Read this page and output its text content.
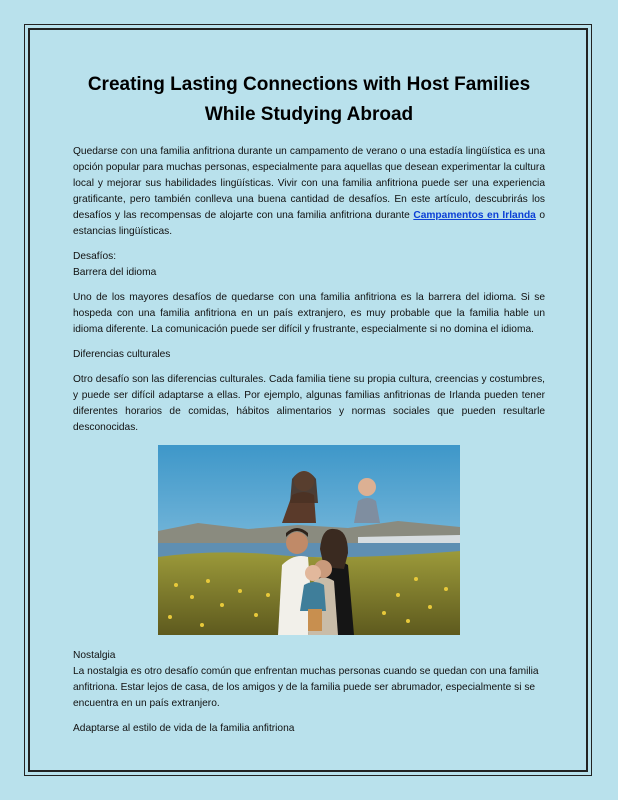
Creating Lasting Connections with Host Families While Studying Abroad

Quedarse con una familia anfitriona durante un campamento de verano o una estadía lingüística es una opción popular para muchas personas, especialmente para aquellas que desean experimentar la cultura local y mejorar sus habilidades lingüísticas. Vivir con una familia anfitriona puede ser una experiencia gratificante, pero también conlleva una buena cantidad de desafíos. En este artículo, descubrirás los desafíos y las recompensas de alojarte con una familia anfitriona durante Campamentos en Irlanda o estancias lingüísticas.

Desafíos:
Barrera del idioma

Uno de los mayores desafíos de quedarse con una familia anfitriona es la barrera del idioma. Si se hospeda con una familia anfitriona en un país extranjero, es muy probable que la familia hable un idioma diferente. La comunicación puede ser difícil y frustrante, especialmente si no domina el idioma.

Diferencias culturales

Otro desafío son las diferencias culturales. Cada familia tiene su propia cultura, creencias y costumbres, y puede ser difícil adaptarse a ellas. Por ejemplo, algunas familias anfitrionas de Irlanda pueden tener diferentes horarios de comidas, hábitos alimentarios y normas sociales que pueden resultarle desconocidas.

Nostalgia
La nostalgia es otro desafío común que enfrentan muchas personas cuando se quedan con una familia anfitriona. Estar lejos de casa, de los amigos y de la familia puede ser abrumador, especialmente si se encuentra en un país extranjero.

Adaptarse al estilo de vida de la familia anfitriona
